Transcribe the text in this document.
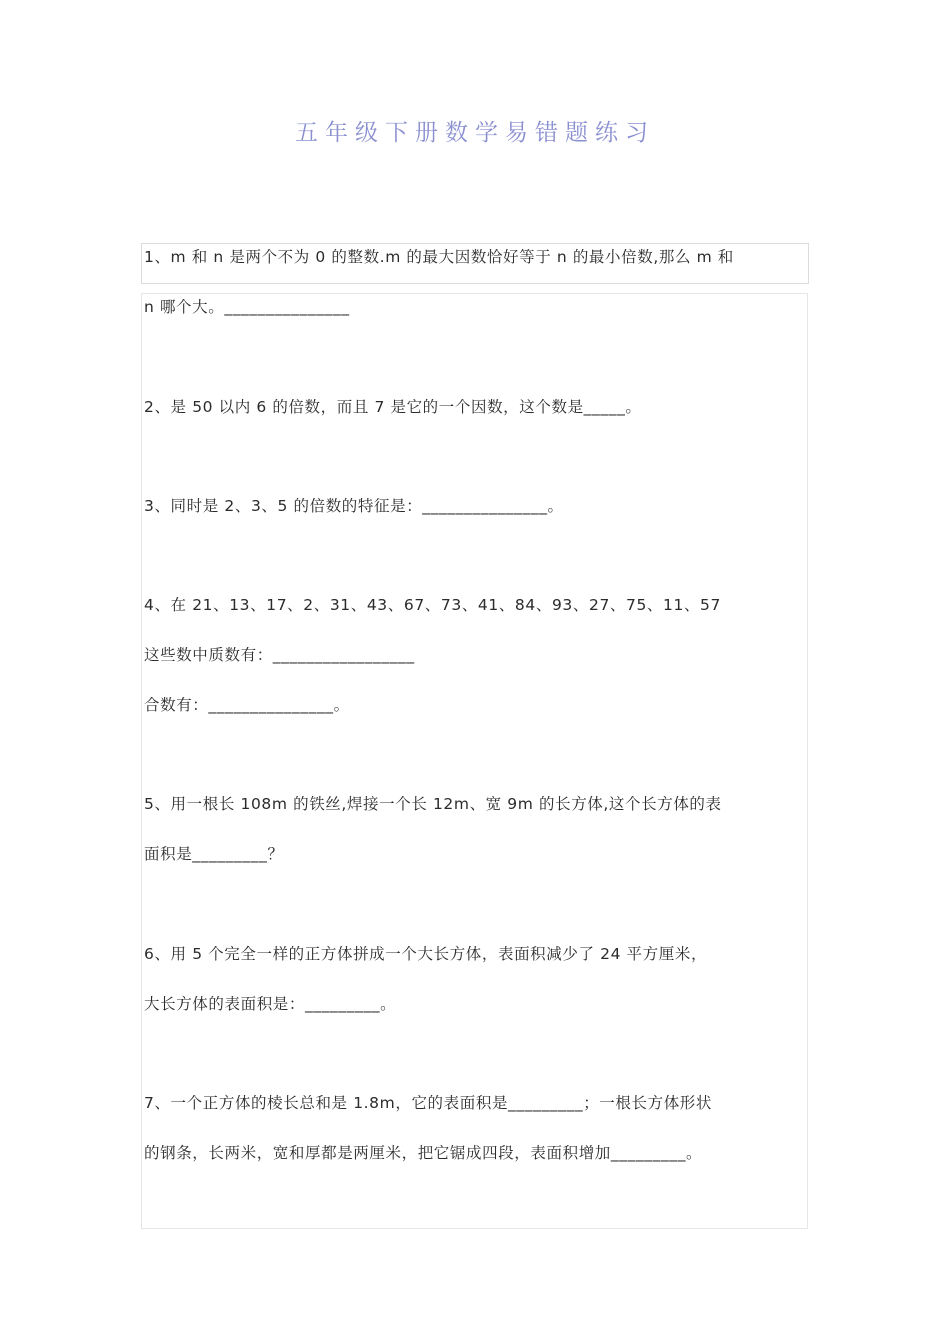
五年级下册数学易错题练习
1、m 和 n 是两个不为 0 的整数.m 的最大因数恰好等于 n 的最小倍数,那么 m 和
n 哪个大。_______________
2、是 50 以内 6 的倍数，而且 7 是它的一个因数，这个数是_____。
3、同时是 2、3、5 的倍数的特征是：_______________。
4、在 21、13、17、2、31、43、67、73、41、84、93、27、75、11、57
这些数中质数有：_________________
合数有：_______________。
5、用一根长 108m 的铁丝,焊接一个长 12m、宽 9m 的长方体,这个长方体的表
面积是_________？
6、用 5 个完全一样的正方体拼成一个大长方体，表面积减少了 24 平方厘米，
大长方体的表面积是：_________。
7、一个正方体的棱长总和是 1.8m，它的表面积是_________；一根长方体形状
的钢条，长两米，宽和厚都是两厘米，把它锯成四段，表面积增加_________。
